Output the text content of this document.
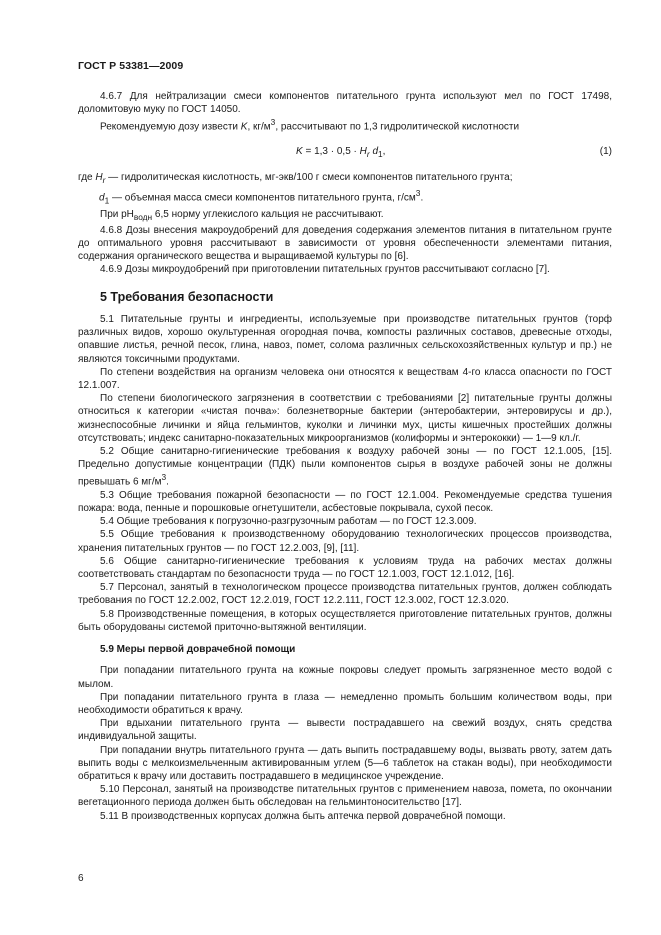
ГОСТ Р 53381—2009

4.6.7 Для нейтрализации смеси компонентов питательного грунта используют мел по ГОСТ 17498, доломитовую муку по ГОСТ 14050.

Рекомендуемую дозу извести K, $кг/м^3$, рассчитывают по 1,3 гидролитической кислотности

$K = 1,3 \cdot 0,5 \cdot H_r$ $d_1$,	(1)

где $H_r$ — гидролитическая кислотность, мг-экв/100 г смеси компонентов питательного грунта;

$d_1$ — объемная масса смеси компонентов питательного грунта, $г/см^3$.

При $pH_{водн}$ 6,5 норму углекислого кальция не рассчитывают.

4.6.8 Дозы внесения макроудобрений для доведения содержания элементов питания в питательном грунте до оптимального уровня рассчитывают в зависимости от уровня обеспеченности элементами питания, содержания органического вещества и выращиваемой культуры по [6].

4.6.9 Дозы микроудобрений при приготовлении питательных грунтов рассчитывают согласно [7].

5 Требования безопасности

5.1 Питательные грунты и ингредиенты, используемые при производстве питательных грунтов (торф различных видов, хорошо окультуренная огородная почва, компосты различных составов, древесные отходы, опавшие листья, речной песок, глина, навоз, помет, солома различных сельскохозяйственных культур и пр.) не являются токсичными продуктами.

По степени воздействия на организм человека они относятся к веществам 4-го класса опасности по ГОСТ 12.1.007.

По степени биологического загрязнения в соответствии с требованиями [2] питательные грунты должны относиться к категории «чистая почва»: болезнетворные бактерии (энтеробактерии, энтеровирусы и др.), жизнеспособные личинки и яйца гельминтов, куколки и личинки мух, цисты кишечных простейших должны отсутствовать; индекс санитарно-показательных микроорганизмов (колиформы и энтерококки) — 1—9 кл./г.

5.2 Общие санитарно-гигиенические требования к воздуху рабочей зоны — по ГОСТ 12.1.005, [15]. Предельно допустимые концентрации (ПДК) пыли компонентов сырья в воздухе рабочей зоны не должны превышать 6 $мг/м^3$.

5.3 Общие требования пожарной безопасности — по ГОСТ 12.1.004. Рекомендуемые средства тушения пожара: вода, пенные и порошковые огнетушители, асбестовые покрывала, сухой песок.

5.4 Общие требования к погрузочно-разгрузочным работам — по ГОСТ 12.3.009.

5.5 Общие требования к производственному оборудованию технологических процессов производства, хранения питательных грунтов — по ГОСТ 12.2.003, [9], [11].

5.6 Общие санитарно-гигиенические требования к условиям труда на рабочих местах должны соответствовать стандартам по безопасности труда — по ГОСТ 12.1.003, ГОСТ 12.1.012, [16].

5.7 Персонал, занятый в технологическом процессе производства питательных грунтов, должен соблюдать требования по ГОСТ 12.2.002, ГОСТ 12.2.019, ГОСТ 12.2.111, ГОСТ 12.3.002, ГОСТ 12.3.020.

5.8 Производственные помещения, в которых осуществляется приготовление питательных грунтов, должны быть оборудованы системой приточно-вытяжной вентиляции.

5.9 Меры первой доврачебной помощи

При попадании питательного грунта на кожные покровы следует промыть загрязненное место водой с мылом.

При попадании питательного грунта в глаза — немедленно промыть большим количеством воды, при необходимости обратиться к врачу.

При вдыхании питательного грунта — вывести пострадавшего на свежий воздух, снять средства индивидуальной защиты.

При попадании внутрь питательного грунта — дать выпить пострадавшему воды, вызвать рвоту, затем дать выпить воды с мелкоизмельченным активированным углем (5—6 таблеток на стакан воды), при необходимости обратиться к врачу или доставить пострадавшего в медицинское учреждение.

5.10 Персонал, занятый на производстве питательных грунтов с применением навоза, помета, по окончании вегетационного периода должен быть обследован на гельминтоносительство [17].

5.11 В производственных корпусах должна быть аптечка первой доврачебной помощи.

6
